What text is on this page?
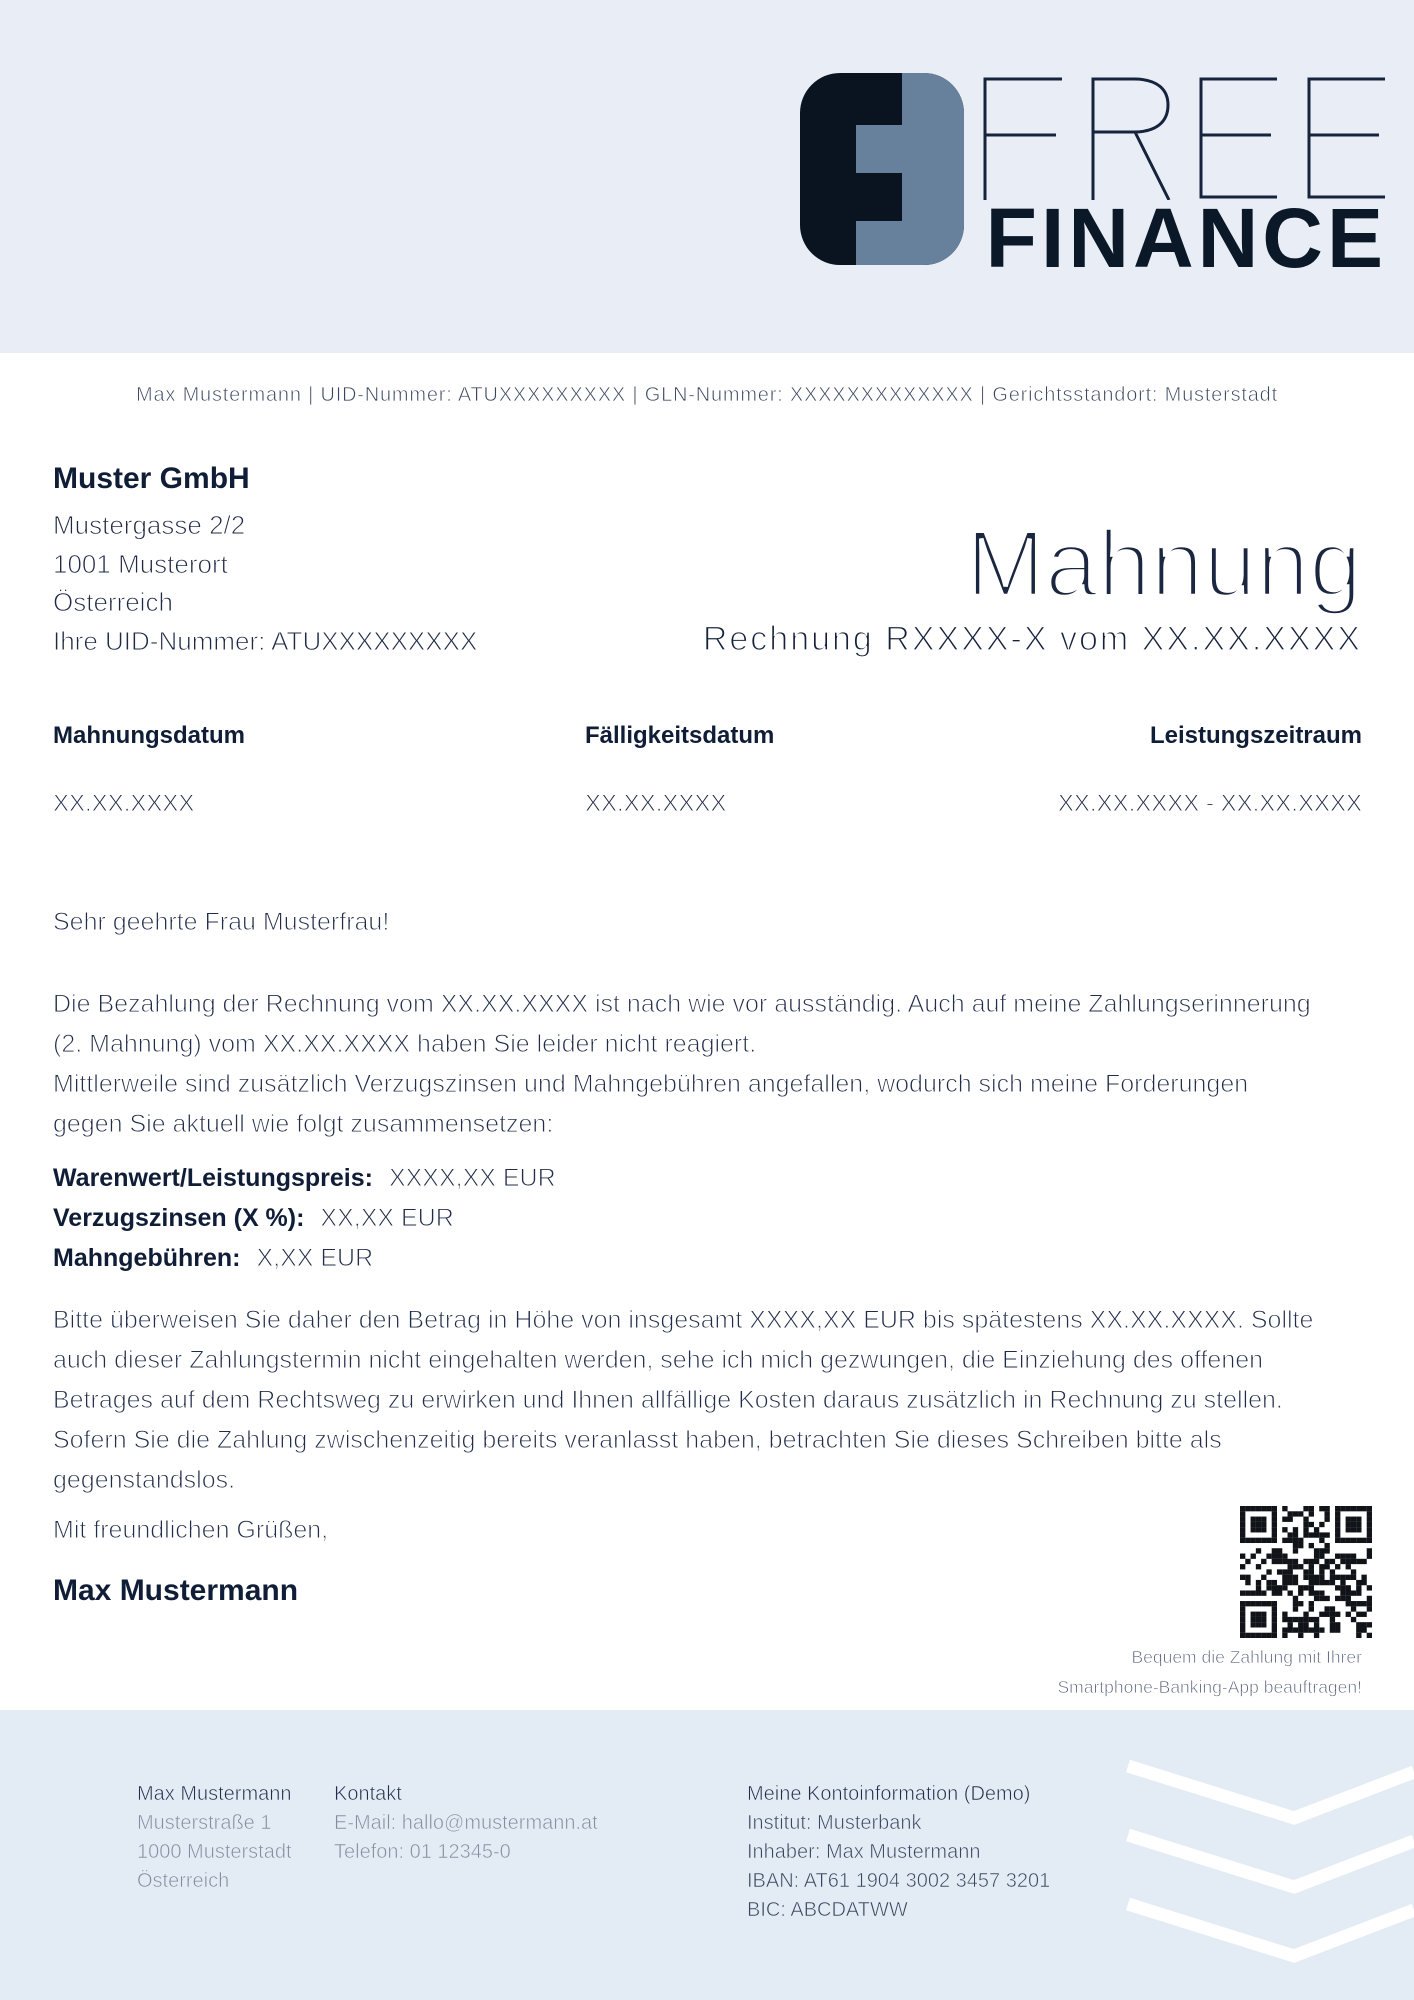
FINANCE
Max Mustermann | UID-Nummer: ATUXXXXXXXXX | GLN-Nummer: XXXXXXXXXXXXX | Gerichtsstandort: Musterstadt
Muster GmbH
Mustergasse 2/2
1001 Musterort
Österreich
Ihre UID-Nummer: ATUXXXXXXXXX
Mahnung
Rechnung RXXXX-X vom XX.XX.XXXX
Mahnungsdatum	Fälligkeitsdatum	Leistungszeitraum
XX.XX.XXXX	XX.XX.XXXX	XX.XX.XXXX - XX.XX.XXXX
Sehr geehrte Frau Musterfrau!
Die Bezahlung der Rechnung vom XX.XX.XXXX ist nach wie vor ausständig. Auch auf meine Zahlungserinnerung
(2. Mahnung) vom XX.XX.XXXX haben Sie leider nicht reagiert.
Mittlerweile sind zusätzlich Verzugszinsen und Mahngebühren angefallen, wodurch sich meine Forderungen
gegen Sie aktuell wie folgt zusammensetzen:
Warenwert/Leistungspreis: XXXX,XX EUR
Verzugszinsen (X %): XX,XX EUR
Mahngebühren: X,XX EUR
Bitte überweisen Sie daher den Betrag in Höhe von insgesamt XXXX,XX EUR bis spätestens XX.XX.XXXX. Sollte
auch dieser Zahlungstermin nicht eingehalten werden, sehe ich mich gezwungen, die Einziehung des offenen
Betrages auf dem Rechtsweg zu erwirken und Ihnen allfällige Kosten daraus zusätzlich in Rechnung zu stellen.
Sofern Sie die Zahlung zwischenzeitig bereits veranlasst haben, betrachten Sie dieses Schreiben bitte als
gegenstandslos.
Mit freundlichen Grüßen,
Max Mustermann
Bequem die Zahlung mit Ihrer
Smartphone-Banking-App beauftragen!
Max Mustermann
Musterstraße 1
1000 Musterstadt
Österreich
Kontakt
E-Mail: hallo@mustermann.at
Telefon: 01 12345-0
Meine Kontoinformation (Demo)
Institut: Musterbank
Inhaber: Max Mustermann
IBAN: AT61 1904 3002 3457 3201
BIC: ABCDATWW
